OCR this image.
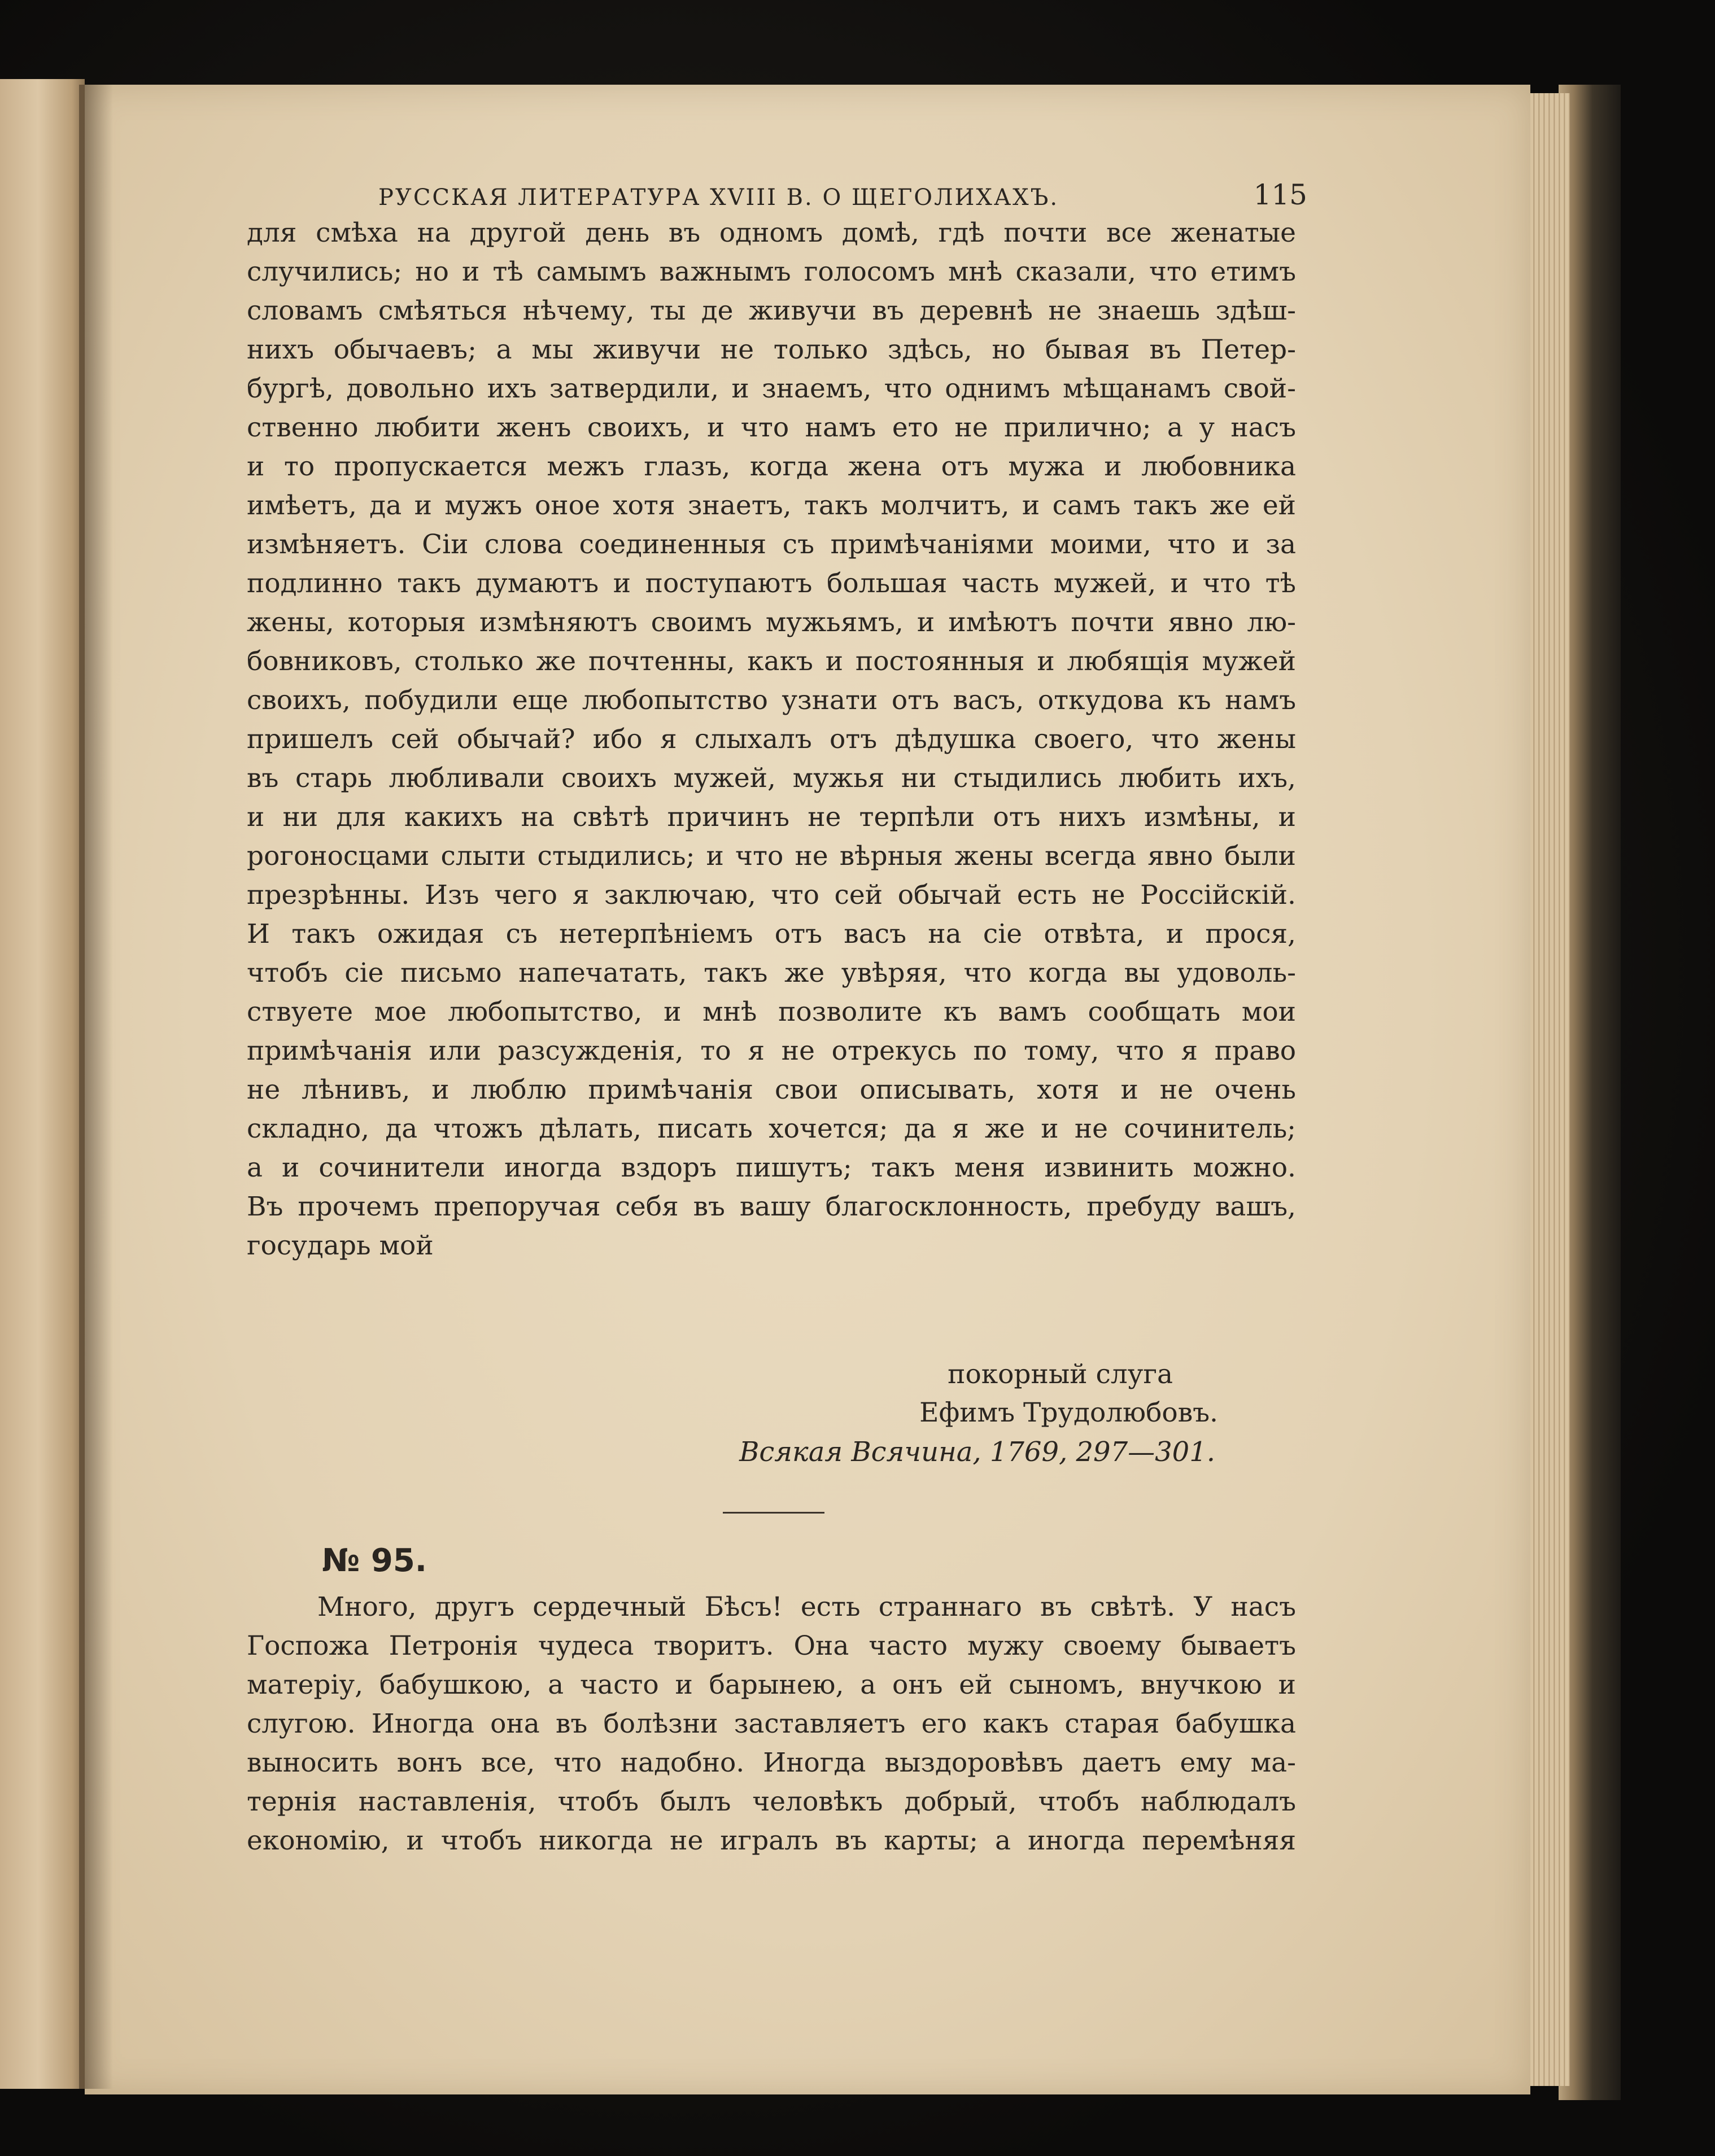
РУССКАЯ ЛИТЕРАТУРА XVIII В. О ЩЕГОЛИХАХЪ.	115
для смѣха на другой день въ одномъ домѣ, гдѣ почти все женатые
случились; но и тѣ самымъ важнымъ голосомъ мнѣ сказали, что етимъ
словамъ смѣяться нѣчему, ты де живучи въ деревнѣ не знаешь здѣш-
нихъ обычаевъ; а мы живучи не только здѣсь, но бывая въ Петер-
бургѣ, довольно ихъ затвердили, и знаемъ, что однимъ мѣщанамъ свой-
ственно любити женъ своихъ, и что намъ ето не прилично; а у насъ
и то пропускается межъ глазъ, когда жена отъ мужа и любовника
имѣетъ, да и мужъ оное хотя знаетъ, такъ молчитъ, и самъ такъ же ей
измѣняетъ. Сіи слова соединенныя съ примѣчаніями моими, что и за
подлинно такъ думаютъ и поступаютъ большая часть мужей, и что тѣ
жены, которыя измѣняютъ своимъ мужьямъ, и имѣютъ почти явно лю-
бовниковъ, столько же почтенны, какъ и постоянныя и любящія мужей
своихъ, побудили еще любопытство узнати отъ васъ, откудова къ намъ
пришелъ сей обычай? ибо я слыхалъ отъ дѣдушка своего, что жены
въ старь любливали своихъ мужей, мужья ни стыдились любить ихъ,
и ни для какихъ на свѣтѣ причинъ не терпѣли отъ нихъ измѣны, и
рогоносцами слыти стыдились; и что не вѣрныя жены всегда явно были
презрѣнны. Изъ чего я заключаю, что сей обычай есть не Россійскій.
И такъ ожидая съ нетерпѣніемъ отъ васъ на сіе отвѣта, и прося,
чтобъ сіе письмо напечатать, такъ же увѣряя, что когда вы удоволь-
ствуете мое любопытство, и мнѣ позволите къ вамъ сообщать мои
примѣчанія или разсужденія, то я не отрекусь по тому, что я право
не лѣнивъ, и люблю примѣчанія свои описывать, хотя и не очень
складно, да чтожъ дѣлать, писать хочется; да я же и не сочинитель;
а и сочинители иногда вздоръ пишутъ; такъ меня извинить можно.
Въ прочемъ препоручая себя въ вашу благосклонность, пребуду вашъ,
государь мой
покорный слуга
Ефимъ Трудолюбовъ.
Всякая Всячина, 1769, 297—301.
№ 95.
Много, другъ сердечный Бѣсъ! есть страннаго въ свѣтѣ. У насъ
Госпожа Петронія чудеса творитъ. Она часто мужу своему бываетъ
матеріу, бабушкою, а часто и барынею, а онъ ей сыномъ, внучкою и
слугою. Иногда она въ болѣзни заставляетъ его какъ старая бабушка
выносить вонъ все, что надобно. Иногда выздоровѣвъ даетъ ему ма-
тернія наставленія, чтобъ былъ человѣкъ добрый, чтобъ наблюдалъ
економію, и чтобъ никогда не игралъ въ карты; а иногда перемѣняя
